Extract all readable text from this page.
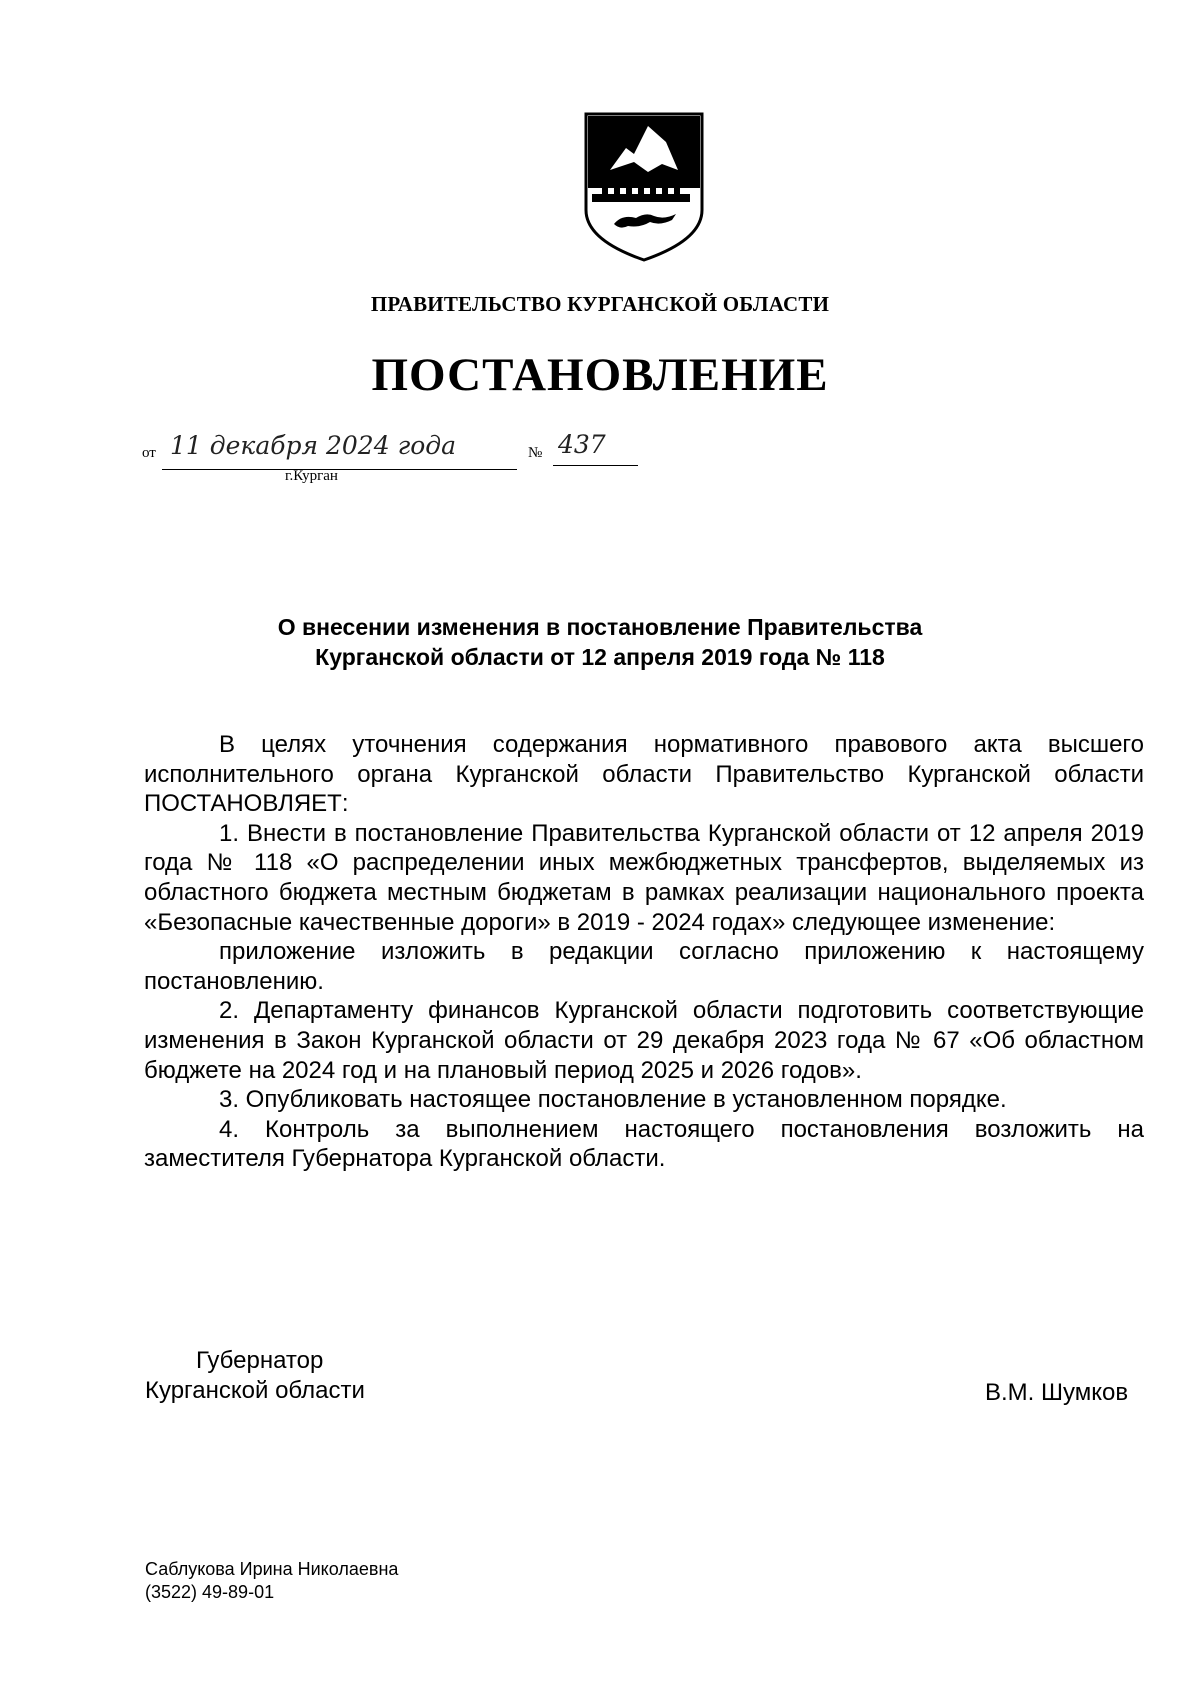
ПРАВИТЕЛЬСТВО КУРГАНСКОЙ ОБЛАСТИ
ПОСТАНОВЛЕНИЕ
от 11 декабря 2024 года
г.Курган
№ 437
О внесении изменения в постановление Правительства
Курганской области от 12 апреля 2019 года № 118

В целях уточнения содержания нормативного правового акта высшего исполнительного органа Курганской области Правительство Курганской области ПОСТАНОВЛЯЕТ:

1. Внести в постановление Правительства Курганской области от 12 апреля 2019 года № 118 «О распределении иных межбюджетных трансфертов, выделяемых из областного бюджета местным бюджетам в рамках реализации национального проекта «Безопасные качественные дороги» в 2019 - 2024 годах» следующее изменение:

приложение изложить в редакции согласно приложению к настоящему постановлению.

2. Департаменту финансов Курганской области подготовить соответствующие изменения в Закон Курганской области от 29 декабря 2023 года № 67 «Об областном бюджете на 2024 год и на плановый период 2025 и 2026 годов».

3. Опубликовать настоящее постановление в установленном порядке.

4. Контроль за выполнением настоящего постановления возложить на заместителя Губернатора Курганской области.

Губернатор
Курганской области	В.М. Шумков
Саблукова Ирина Николаевна
(3522) 49-89-01
